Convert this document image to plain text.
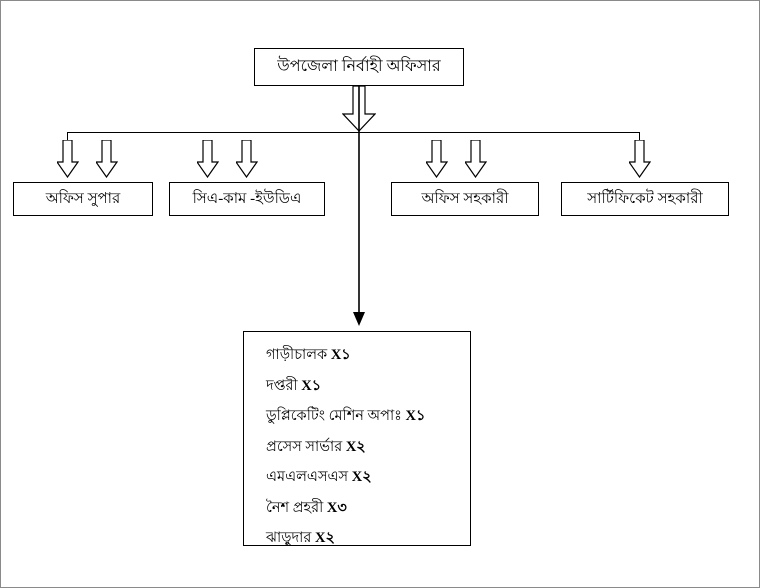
উপজেলা নির্বাহী অফিসার
অফিস সুপার	সিএ-কাম -ইউডিএ	অফিস সহকারী	সার্টিফিকেট সহকারী
গাড়ীচালক X১
দপ্তরী X১
ডুপ্লিকেটিং মেশিন অপাঃ X১
প্রসেস সার্ভার X২
এমএলএসএস X২
নৈশ প্রহরী X৩
ঝাড়ুদার X২
